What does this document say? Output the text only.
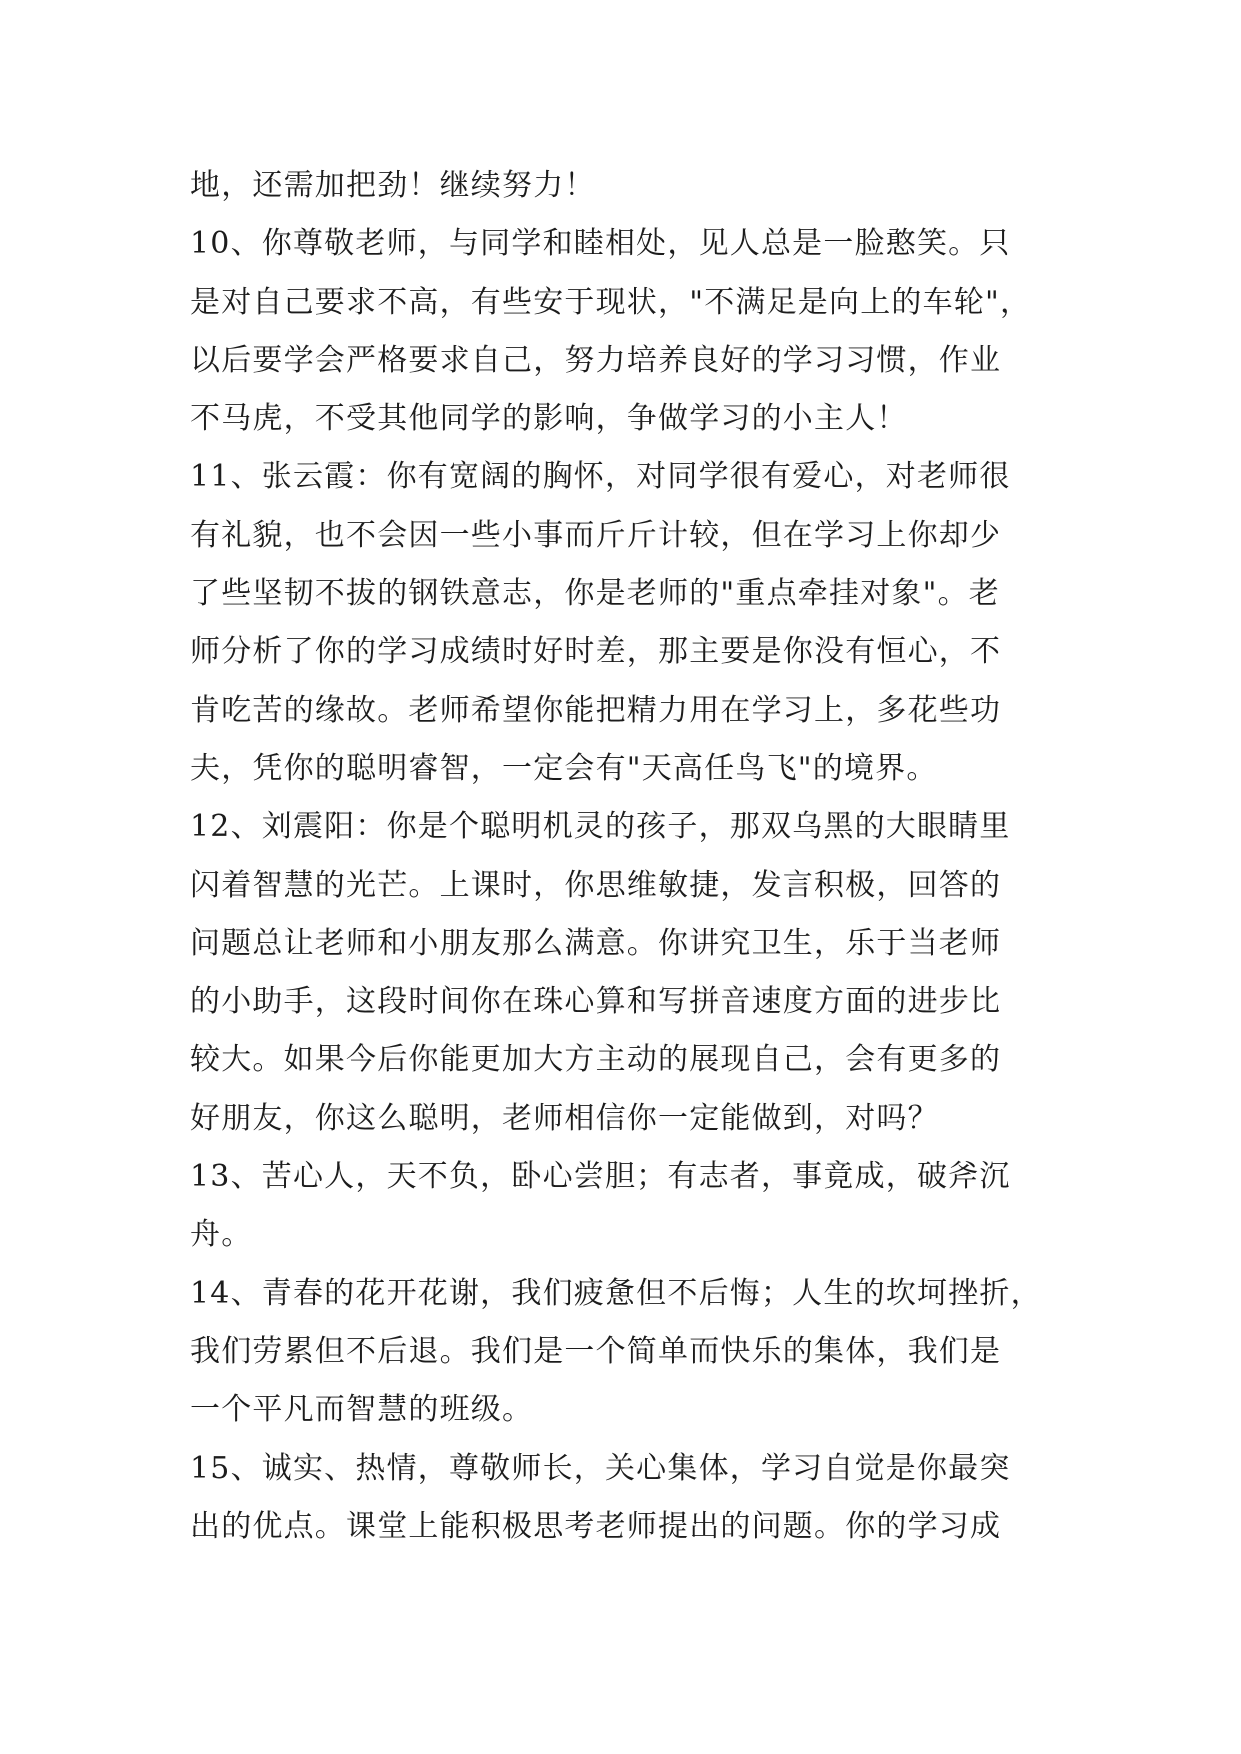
地，还需加把劲！继续努力！
10、你尊敬老师，与同学和睦相处，见人总是一脸憨笑。只
是对自己要求不高，有些安于现状，"不满足是向上的车轮"，
以后要学会严格要求自己，努力培养良好的学习习惯，作业
不马虎，不受其他同学的影响，争做学习的小主人！
11、张云霞：你有宽阔的胸怀，对同学很有爱心，对老师很
有礼貌，也不会因一些小事而斤斤计较，但在学习上你却少
了些坚韧不拔的钢铁意志，你是老师的"重点牵挂对象"。老
师分析了你的学习成绩时好时差，那主要是你没有恒心，不
肯吃苦的缘故。老师希望你能把精力用在学习上，多花些功
夫，凭你的聪明睿智，一定会有"天高任鸟飞"的境界。
12、刘震阳：你是个聪明机灵的孩子，那双乌黑的大眼睛里
闪着智慧的光芒。上课时，你思维敏捷，发言积极，回答的
问题总让老师和小朋友那么满意。你讲究卫生，乐于当老师
的小助手，这段时间你在珠心算和写拼音速度方面的进步比
较大。如果今后你能更加大方主动的展现自己，会有更多的
好朋友，你这么聪明，老师相信你一定能做到，对吗？
13、苦心人，天不负，卧心尝胆；有志者，事竟成，破斧沉
舟。
14、青春的花开花谢，我们疲惫但不后悔；人生的坎坷挫折，
我们劳累但不后退。我们是一个简单而快乐的集体，我们是
一个平凡而智慧的班级。
15、诚实、热情，尊敬师长，关心集体，学习自觉是你最突
出的优点。课堂上能积极思考老师提出的问题。你的学习成
